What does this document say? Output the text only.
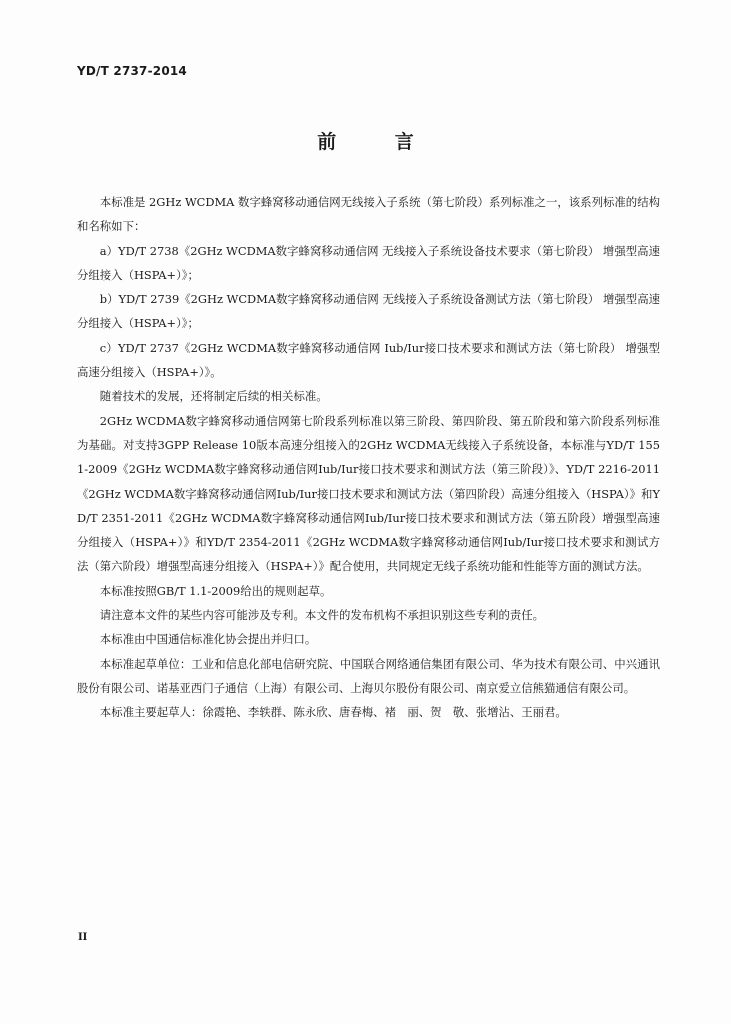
YD/T 2737-2014
前 言

本标准是 2GHz WCDMA 数字蜂窝移动通信网无线接入子系统（第七阶段）系列标准之一，该系列标准的结构和名称如下：

a）YD/T 2738《2GHz WCDMA数字蜂窝移动通信网 无线接入子系统设备技术要求（第七阶段） 增强型高速分组接入（HSPA+）》；

b）YD/T 2739《2GHz WCDMA数字蜂窝移动通信网 无线接入子系统设备测试方法（第七阶段） 增强型高速分组接入（HSPA+）》；

c）YD/T 2737《2GHz WCDMA数字蜂窝移动通信网 Iub/Iur接口技术要求和测试方法（第七阶段） 增强型高速分组接入（HSPA+）》。

随着技术的发展，还将制定后续的相关标准。

2GHz WCDMA数字蜂窝移动通信网第七阶段系列标准以第三阶段、第四阶段、第五阶段和第六阶段系列标准为基础。对支持3GPP Release 10版本高速分组接入的2GHz WCDMA无线接入子系统设备，本标准与YD/T 1551-2009《2GHz WCDMA数字蜂窝移动通信网Iub/Iur接口技术要求和测试方法（第三阶段）》、YD/T 2216-2011《2GHz WCDMA数字蜂窝移动通信网Iub/Iur接口技术要求和测试方法（第四阶段）高速分组接入（HSPA）》和YD/T 2351-2011《2GHz WCDMA数字蜂窝移动通信网Iub/Iur接口技术要求和测试方法（第五阶段）增强型高速分组接入（HSPA+）》和YD/T 2354-2011《2GHz WCDMA数字蜂窝移动通信网Iub/Iur接口技术要求和测试方法（第六阶段）增强型高速分组接入（HSPA+）》配合使用，共同规定无线子系统功能和性能等方面的测试方法。

本标准按照GB/T 1.1-2009给出的规则起草。

请注意本文件的某些内容可能涉及专利。本文件的发布机构不承担识别这些专利的责任。

本标准由中国通信标准化协会提出并归口。

本标准起草单位：工业和信息化部电信研究院、中国联合网络通信集团有限公司、华为技术有限公司、中兴通讯股份有限公司、诺基亚西门子通信（上海）有限公司、上海贝尔股份有限公司、南京爱立信熊猫通信有限公司。

本标准主要起草人：徐霞艳、李轶群、陈永欣、唐春梅、褚　丽、贺　敬、张增沾、王丽君。

II
